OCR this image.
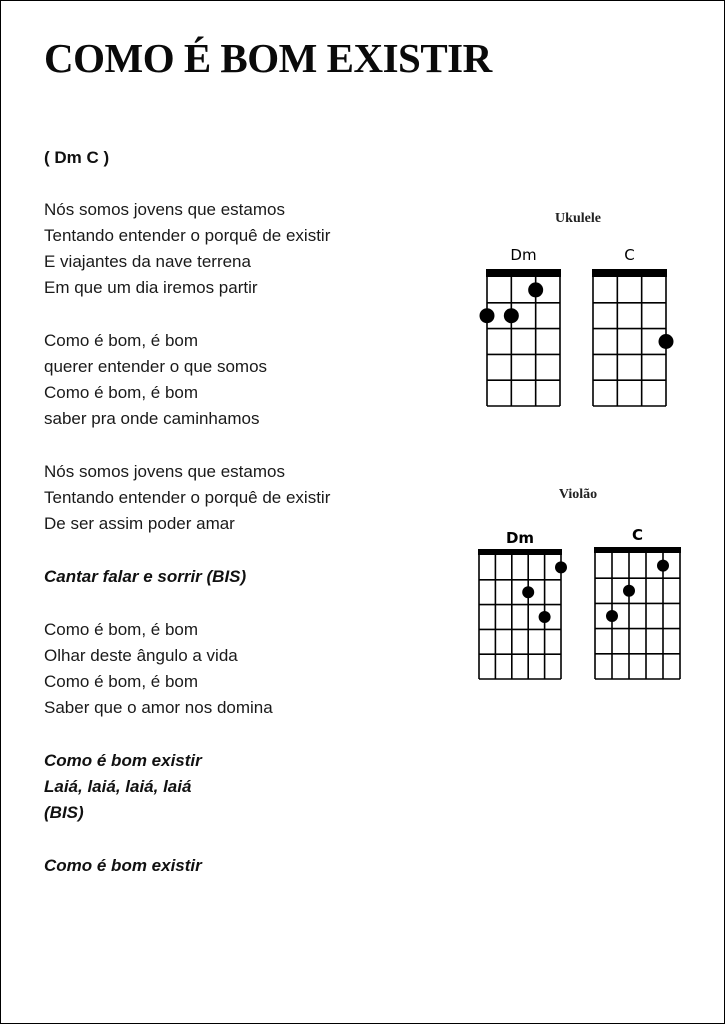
COMO É BOM EXISTIR
( Dm C )
Nós somos jovens que estamos
Tentando entender o porquê de existir
E viajantes da nave terrena
Em que um dia iremos partir
Como é bom, é bom
querer entender o que somos
Como é bom, é bom
saber pra onde caminhamos
Nós somos jovens que estamos
Tentando entender o porquê de existir
De ser assim poder amar
Cantar falar e sorrir (BIS)
Como é bom, é bom
Olhar deste ângulo a vida
Como é bom, é bom
Saber que o amor nos domina
Como é bom existir
Laiá, laiá, laiá, laiá
(BIS)
Como é bom existir
Ukulele
Violão
Dm	C
Dm	C
